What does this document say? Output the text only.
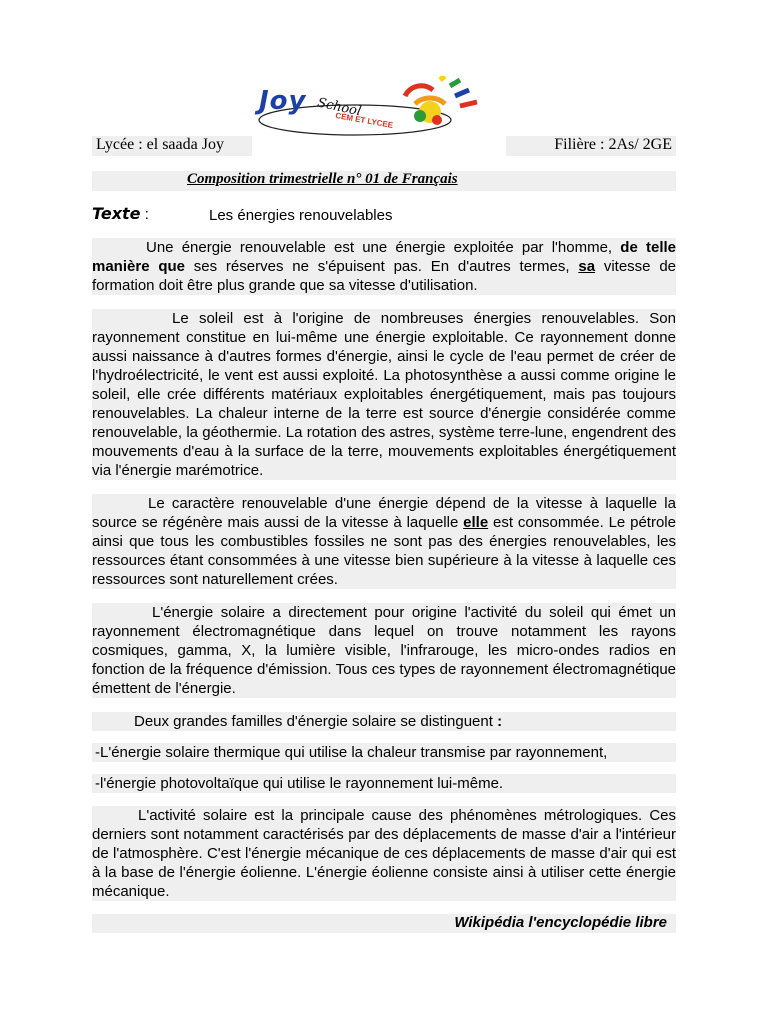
Joy School
CEM ET LYCEE
Lycée : el saada Joy	Filière : 2As/ 2GE
Composition trimestrielle n° 01 de Français
Texte :	Les énergies renouvelables
Une énergie renouvelable est une énergie exploitée par l'homme, de telle manière que ses réserves ne s'épuisent pas. En d'autres termes, sa vitesse de formation doit être plus grande que sa vitesse d'utilisation.
Le soleil est à l'origine de nombreuses énergies renouvelables. Son rayonnement constitue en lui-même une énergie exploitable. Ce rayonnement donne aussi naissance à d'autres formes d'énergie, ainsi le cycle de l'eau permet de créer de l'hydroélectricité, le vent est aussi exploité. La photosynthèse a aussi comme origine le soleil, elle crée différents matériaux exploitables énergétiquement, mais pas toujours renouvelables. La chaleur interne de la terre est source d'énergie considérée comme renouvelable, la géothermie. La rotation des astres, système terre-lune, engendrent des mouvements d'eau à la surface de la terre, mouvements exploitables énergétiquement via l'énergie marémotrice.
Le caractère renouvelable d'une énergie dépend de la vitesse à laquelle la source se régénère mais aussi de la vitesse à laquelle elle est consommée. Le pétrole ainsi que tous les combustibles fossiles ne sont pas des énergies renouvelables, les ressources étant consommées à une vitesse bien supérieure à la vitesse à laquelle ces ressources sont naturellement crées.
L'énergie solaire a directement pour origine l'activité du soleil qui émet un rayonnement électromagnétique dans lequel on trouve notamment les rayons cosmiques, gamma, X, la lumière visible, l'infrarouge, les micro-ondes radios en fonction de la fréquence d'émission. Tous ces types de rayonnement électromagnétique émettent de l'énergie.
Deux grandes familles d'énergie solaire se distinguent :
-L'énergie solaire thermique qui utilise la chaleur transmise par rayonnement,
-l'énergie photovoltaïque qui utilise le rayonnement lui-même.
L'activité solaire est la principale cause des phénomènes métrologiques. Ces derniers sont notamment caractérisés par des déplacements de masse d'air a l'intérieur de l'atmosphère. C'est l'énergie mécanique de ces déplacements de masse d'air qui est à la base de l'énergie éolienne. L'énergie éolienne consiste ainsi à utiliser cette énergie mécanique.
Wikipédia l'encyclopédie libre
